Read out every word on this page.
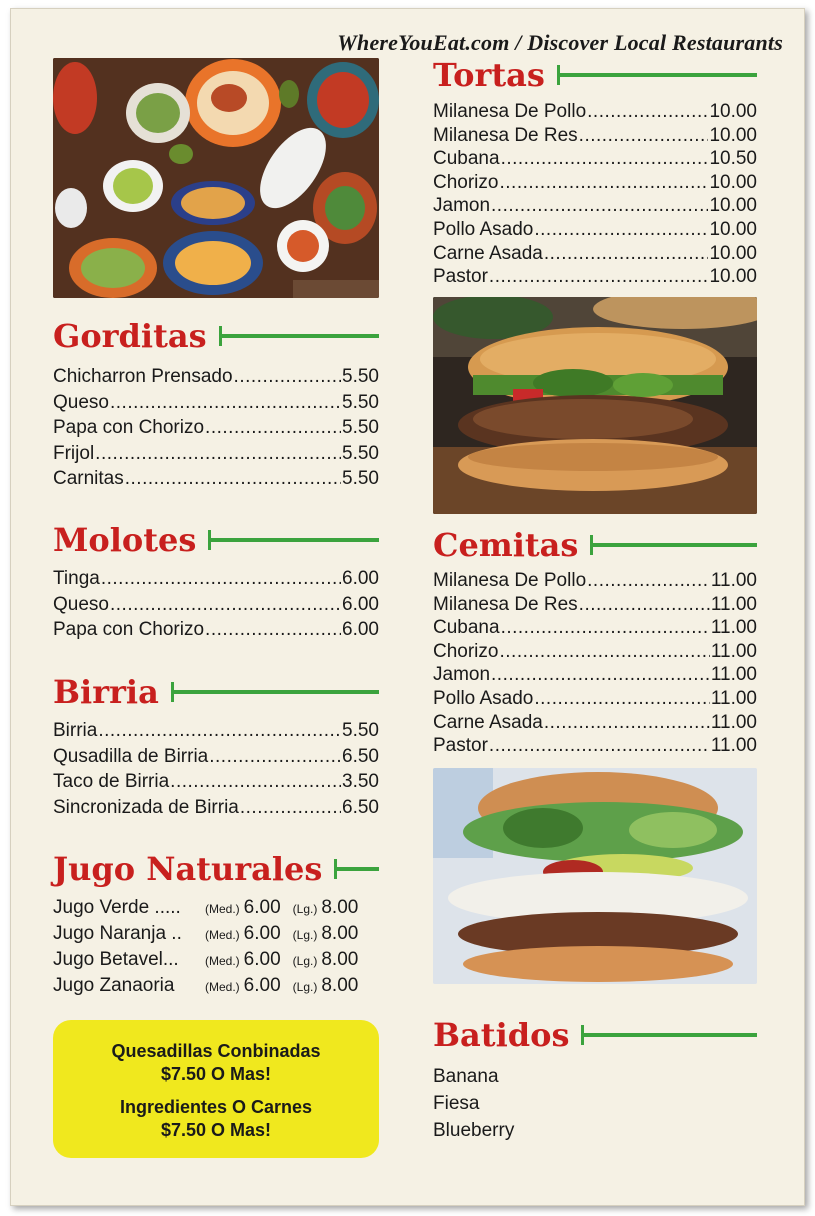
WhereYouEat.com / Discover Local Restaurants
Gorditas
Chicharron Prensado .....	5.50
Queso .....	5.50
Papa con Chorizo .....	5.50
Frijol .....	5.50
Carnitas .....	5.50
Molotes
Tinga .....	6.00
Queso .....	6.00
Papa con Chorizo .....	6.00
Birria
Birria .....	5.50
Qusadilla de Birria .....	6.50
Taco de Birria .....	3.50
Sincronizada de Birria .....	6.50
Jugo Naturales
Jugo Verde .....	(Med.) 6.00 (Lg.) 8.00
Jugo Naranja ..	(Med.) 6.00 (Lg.) 8.00
Jugo Betavel...	(Med.) 6.00 (Lg.) 8.00
Jugo Zanaoria	(Med.) 6.00 (Lg.) 8.00
Quesadillas Conbinadas
$7.50 O Mas!
Ingredientes O Carnes
$7.50 O Mas!
Tortas
Milanesa De Pollo .....	10.00
Milanesa De Res .....	10.00
Cubana .....	10.50
Chorizo .....	10.00
Jamon .....	10.00
Pollo Asado .....	10.00
Carne Asada .....	10.00
Pastor .....	10.00
Cemitas
Milanesa De Pollo .....	11.00
Milanesa De Res .....	11.00
Cubana .....	11.00
Chorizo .....	11.00
Jamon .....	11.00
Pollo Asado .....	11.00
Carne Asada .....	11.00
Pastor .....	11.00
Batidos
Banana
Fiesa
Blueberry
